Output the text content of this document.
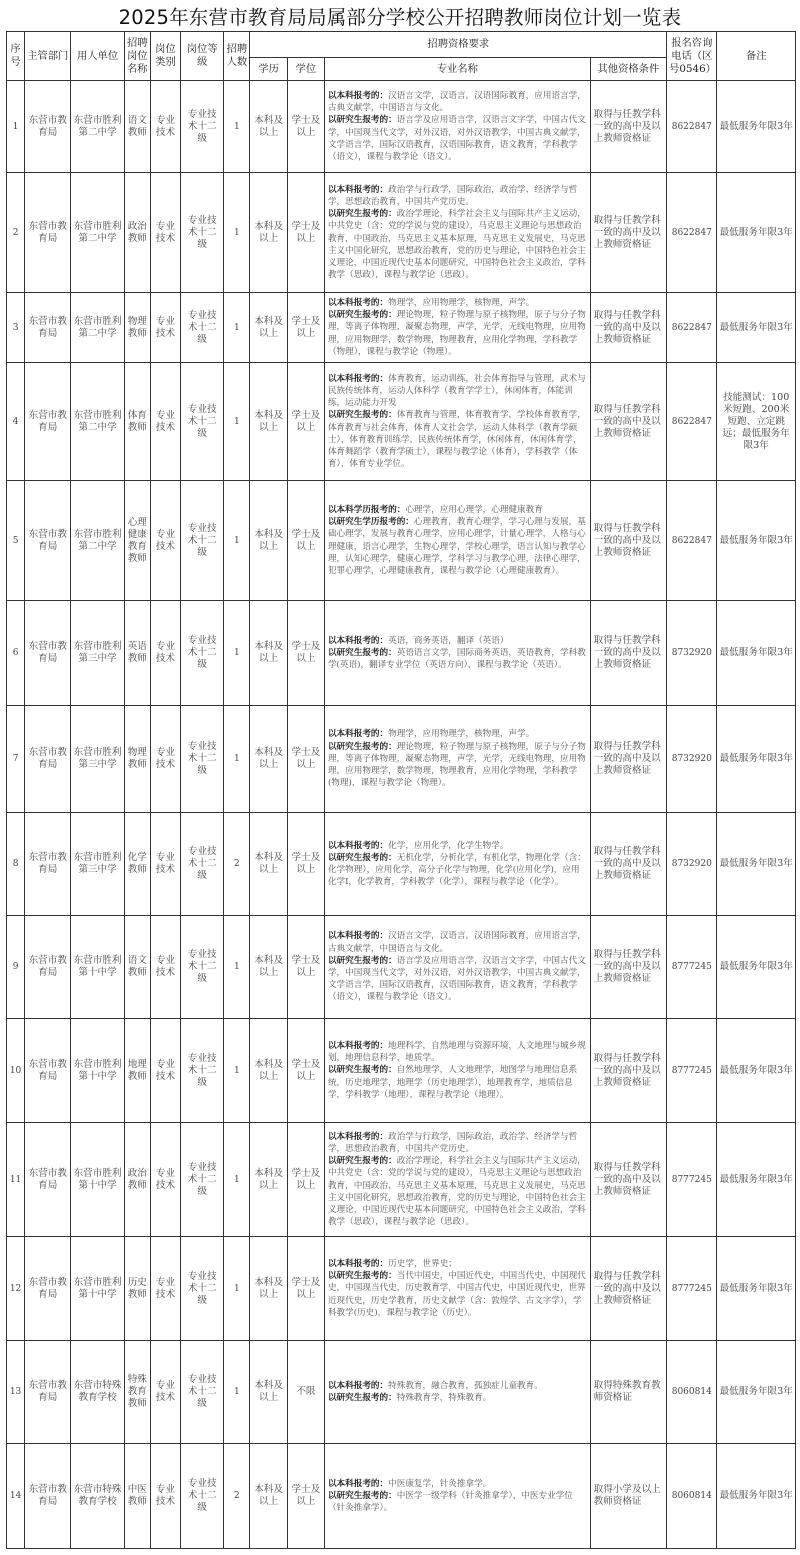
2025年东营市教育局局属部分学校公开招聘教师岗位计划一览表
序号	主管部门	用人单位	招聘岗位名称	岗位类别	岗位等级	招聘人数	招聘资格要求				报名咨询电话（区号0546）	备注
							学历	学位	专业名称	其他资格条件		
1	东营市教育局	东营市胜利第二中学	语文教师	专业技术	专业技术十二级	1	本科及以上	学士及以上	以本科报考的：汉语言文学，汉语言，汉语国际教育，应用语言学，古典文献学，中国语言与文化。
以研究生报考的：语言学及应用语言学，汉语言文字学，中国古代文学，中国现当代文学，对外汉语，对外汉语教学，中国古典文献学，文学语言学，国际汉语教育，汉语国际教育，语文教育，学科教学（语文），课程与教学论（语文）。	取得与任教学科一致的高中及以上教师资格证	8622847	最低服务年限3年
2	东营市教育局	东营市胜利第二中学	政治教师	专业技术	专业技术十二级	1	本科及以上	学士及以上	以本科报考的：政治学与行政学，国际政治，政治学、经济学与哲学，思想政治教育，中国共产党历史。
以研究生报考的：政治学理论，科学社会主义与国际共产主义运动，中共党史（含：党的学说与党的建设），马克思主义理论与思想政治教育，中国政治，马克思主义基本原理，马克思主义发展史，马克思主义中国化研究，思想政治教育，党的历史与理论，中国特色社会主义理论，中国近现代史基本问题研究，中国特色社会主义政治，学科教学（思政），课程与教学论（思政）。	取得与任教学科一致的高中及以上教师资格证	8622847	最低服务年限3年
3	东营市教育局	东营市胜利第二中学	物理教师	专业技术	专业技术十二级	1	本科及以上	学士及以上	以本科报考的：物理学，应用物理学，核物理，声学。
以研究生报考的：理论物理，粒子物理与原子核物理，原子与分子物理，等离子体物理，凝聚态物理，声学，光学，无线电物理，应用物理，应用物理学，数学物理，物理教育，应用化学物理，学科教学（物理），课程与教学论（物理）。	取得与任教学科一致的高中及以上教师资格证	8622847	最低服务年限3年
4	东营市教育局	东营市胜利第二中学	体育教师	专业技术	专业技术十二级	1	本科及以上	学士及以上	以本科报考的：体育教育，运动训练，社会体育指导与管理，武术与民族传统体育，运动人体科学（教育学学士），休闲体育，体能训练，运动能力开发
以研究生报考的：体育教育与管理，体育教育学，学校体育教育学，体育教育与社会体育，体育人文社会学，运动人体科学（教育学硕士），体育教育训练学，民族传统体育学，休闲体育，休闲体育学，体育舞蹈学（教育学硕士），课程与教学论（体育），学科教学（体育），体育专业学位。	取得与任教学科一致的高中及以上教师资格证	8622847	技能测试：100米短跑、200米短跑、立定跳远；最低服务年限3年
5	东营市教育局	东营市胜利第二中学	心理健康教育教师	专业技术	专业技术十二级	1	本科及以上	学士及以上	以本科学历报考的：心理学，应用心理学，心理健康教育
以研究生学历报考的：心理教育，教育心理学，学习心理与发展，基础心理学，发展与教育心理学，应用心理学，计量心理学，人格与心理健康，语言心理学，生物心理学，学校心理学，语言认知与教学心理，认知心理学，健康心理学，学科学习与教学心理，法律心理学，犯罪心理学，心理健康教育，课程与教学论（心理健康教育）。	取得与任教学科一致的高中及以上教师资格证	8622847	最低服务年限3年
6	东营市教育局	东营市胜利第三中学	英语教师	专业技术	专业技术十二级	1	本科及以上	学士及以上	以本科报考的：英语，商务英语，翻译（英语）
以研究生报考的：英语语言文学，国际商务英语，英语教育，学科教学(英语)，翻译专业学位（英语方向），课程与教学论（英语）。	取得与任教学科一致的高中及以上教师资格证	8732920	最低服务年限3年
7	东营市教育局	东营市胜利第三中学	物理教师	专业技术	专业技术十二级	1	本科及以上	学士及以上	以本科报考的：物理学，应用物理学，核物理，声学。
以研究生报考的：理论物理，粒子物理与原子核物理，原子与分子物理，等离子体物理，凝聚态物理，声学，光学，无线电物理，应用物理，应用物理学，数学物理，物理教育，应用化学物理，学科教学(物理)，课程与教学论（物理）。	取得与任教学科一致的高中及以上教师资格证	8732920	最低服务年限3年
8	东营市教育局	东营市胜利第三中学	化学教师	专业技术	专业技术十二级	2	本科及以上	学士及以上	以本科报考的：化学，应用化学，化学生物学。
以研究生报考的：无机化学，分析化学，有机化学，物理化学（含：化学物理），应用化学，高分子化学与物理，化学(应用化学)，应用化学Ⅰ，化学教育，学科教学（化学），课程与教学论（化学）。	取得与任教学科一致的高中及以上教师资格证	8732920	最低服务年限3年
9	东营市教育局	东营市胜利第十中学	语文教师	专业技术	专业技术十二级	1	本科及以上	学士及以上	以本科报考的：汉语言文学，汉语言，汉语国际教育，应用语言学，古典文献学，中国语言与文化。
以研究生报考的：语言学及应用语言学，汉语言文字学，中国古代文学，中国现当代文学，对外汉语，对外汉语教学，中国古典文献学，文学语言学，国际汉语教育，汉语国际教育，语文教育，学科教学（语文），课程与教学论（语文）。	取得与任教学科一致的高中及以上教师资格证	8777245	最低服务年限3年
10	东营市教育局	东营市胜利第十中学	地理教师	专业技术	专业技术十二级	1	本科及以上	学士及以上	以本科报考的：地理科学，自然地理与资源环境，人文地理与城乡规划，地理信息科学，地质学。
以研究生报考的：自然地理学，人文地理学，地图学与地理信息系统，历史地理学，地理学（历史地理学），地理教育学，地质信息学，学科教学（地理），课程与教学论（地理）。	取得与任教学科一致的高中及以上教师资格证	8777245	最低服务年限3年
11	东营市教育局	东营市胜利第十中学	政治教师	专业技术	专业技术十二级	1	本科及以上	学士及以上	以本科报考的：政治学与行政学，国际政治，政治学、经济学与哲学，思想政治教育，中国共产党历史。
以研究生报考的：政治学理论，科学社会主义与国际共产主义运动，中共党史（含：党的学说与党的建设），马克思主义理论与思想政治教育，中国政治，马克思主义基本原理，马克思主义发展史，马克思主义中国化研究，思想政治教育，党的历史与理论，中国特色社会主义理论，中国近现代史基本问题研究，中国特色社会主义政治，学科教学（思政），课程与教学论（思政）。	取得与任教学科一致的高中及以上教师资格证	8777245	最低服务年限3年
12	东营市教育局	东营市胜利第十中学	历史教师	专业技术	专业技术十二级	1	本科及以上	学士及以上	以本科报考的：历史学，世界史；
以研究生报考的：当代中国史，中国近代史，中国当代史，中国现代史，中国现当代史，历史教育学，中国古代史，中国近现代史，世界近现代史，历史学教育，历史文献学（含：敦煌学、古文字学），学科教学(历史)，课程与教学论（历史）。	取得与任教学科一致的高中及以上教师资格证	8777245	最低服务年限3年
13	东营市教育局	东营市特殊教育学校	特殊教育教师	专业技术	专业技术十二级	1	本科及以上	不限	以本科报考的：特殊教育，融合教育，孤独症儿童教育。
以研究生报考的：特殊教育学，特殊教育。	取得特殊教育教师资格证	8060814	最低服务年限3年
14	东营市教育局	东营市特殊教育学校	中医教师	专业技术	专业技术十二级	2	本科及以上	学士及以上	以本科报考的：中医康复学，针灸推拿学。
以研究生报考的：中医学一级学科（针灸推拿学），中医专业学位（针灸推拿学）。	取得小学及以上教师资格证	8060814	最低服务年限3年
